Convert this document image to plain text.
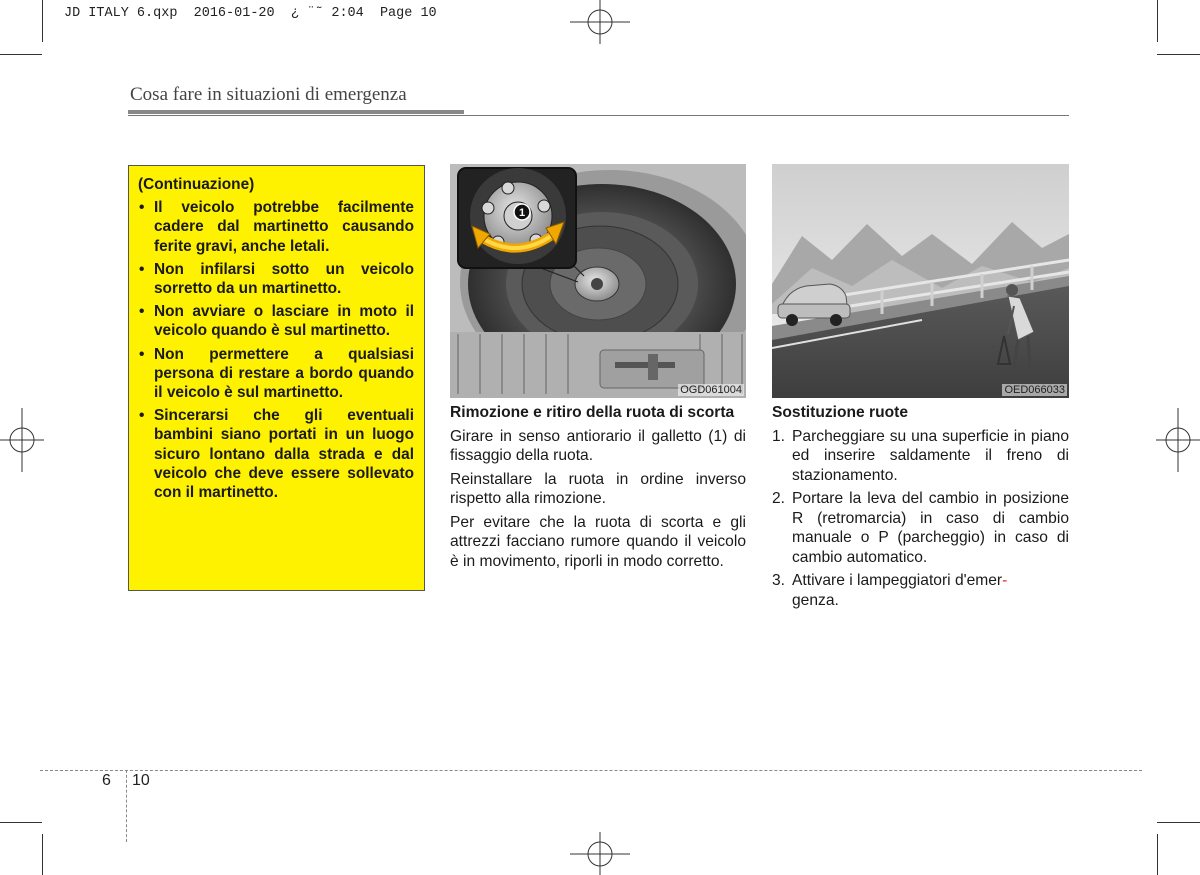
JD ITALY 6.qxp  2016-01-20  ¿ ¨˜ 2:04  Page 10
Cosa fare in situazioni di emergenza
(Continuazione)
• Il veicolo potrebbe facilmente cadere dal martinetto causando ferite gravi, anche letali.
• Non infilarsi sotto un veicolo sorretto da un martinetto.
• Non avviare o lasciare in moto il veicolo quando è sul martinetto.
• Non permettere a qualsiasi persona di restare a bordo quando il veicolo è sul martinetto.
• Sincerarsi che gli eventuali bambini siano portati in un luogo sicuro lontano dalla strada e dal veicolo che deve essere sollevato con il martinetto.
1
OGD061004	OED066033
Rimozione e ritiro della ruota di scorta

Girare in senso antiorario il galletto (1) di fissaggio della ruota.

Reinstallare la ruota in ordine inverso rispetto alla rimozione.

Per evitare che la ruota di scorta e gli attrezzi facciano rumore quando il veicolo è in movimento, riporli in modo corretto.

Sostituzione ruote
1. Parcheggiare su una superficie in piano ed inserire saldamente il freno di stazionamento.
2. Portare la leva del cambio in posizione R (retromarcia) in caso di cambio manuale o P (parcheggio) in caso di cambio automatico.
3. Attivare i lampeggiatori d'emer-
genza.
6 10
